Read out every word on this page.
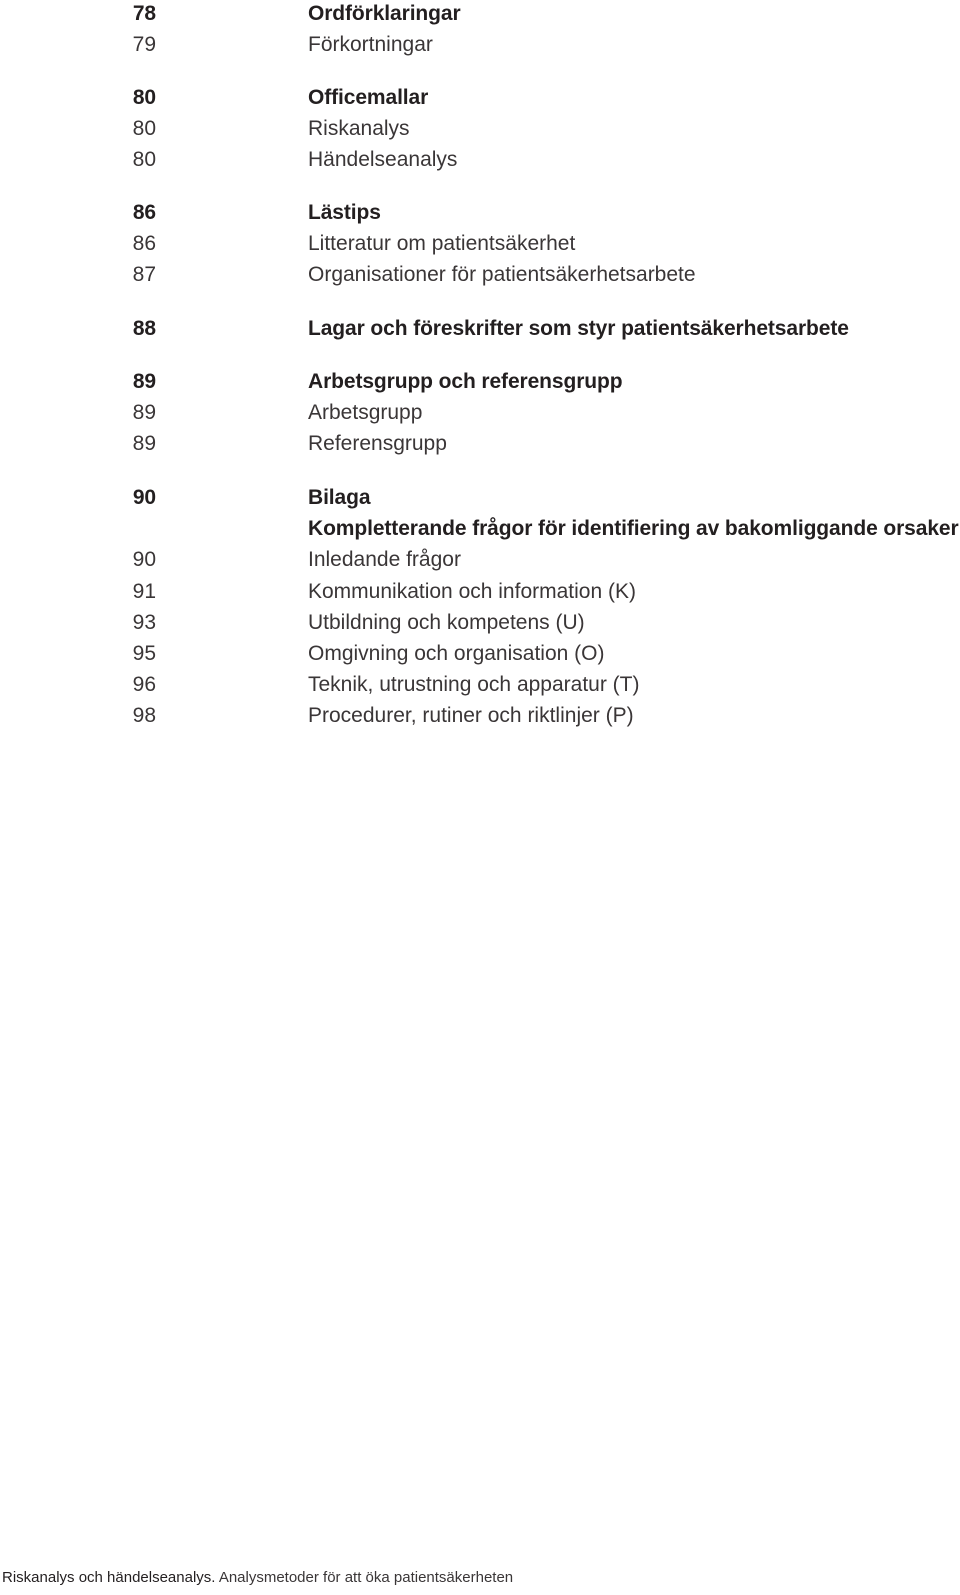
78	Ordförklaringar
79	Förkortningar
80	Officemallar
80	Riskanalys
80	Händelseanalys
86	Lästips
86	Litteratur om patientsäkerhet
87	Organisationer för patientsäkerhetsarbete
88	Lagar och föreskrifter som styr patientsäkerhetsarbete
89	Arbetsgrupp och referensgrupp
89	Arbetsgrupp
89	Referensgrupp
90	Bilaga
Kompletterande frågor för identifiering av bakomliggande orsaker
90	Inledande frågor
91	Kommunikation och information (K)
93	Utbildning och kompetens (U)
95	Omgivning och organisation (O)
96	Teknik, utrustning och apparatur (T)
98	Procedurer, rutiner och riktlinjer (P)
Riskanalys och händelseanalys. Analysmetoder för att öka patientsäkerheten
